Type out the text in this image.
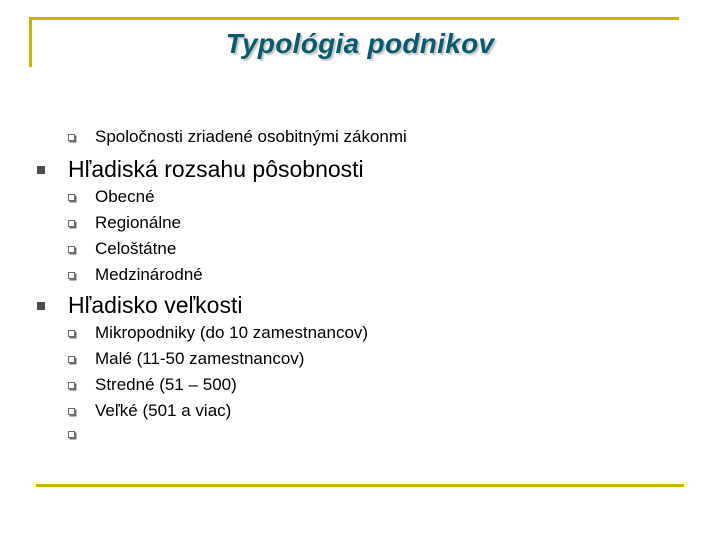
Typológia podnikov
Spoločnosti zriadené osobitnými zákonmi
Hľadiská rozsahu pôsobnosti
Obecné
Regionálne
Celoštátne
Medzinárodné
Hľadisko veľkosti
Mikropodniky (do 10 zamestnancov)
Malé (11-50 zamestnancov)
Stredné (51 – 500)
Veľké (501 a viac)
